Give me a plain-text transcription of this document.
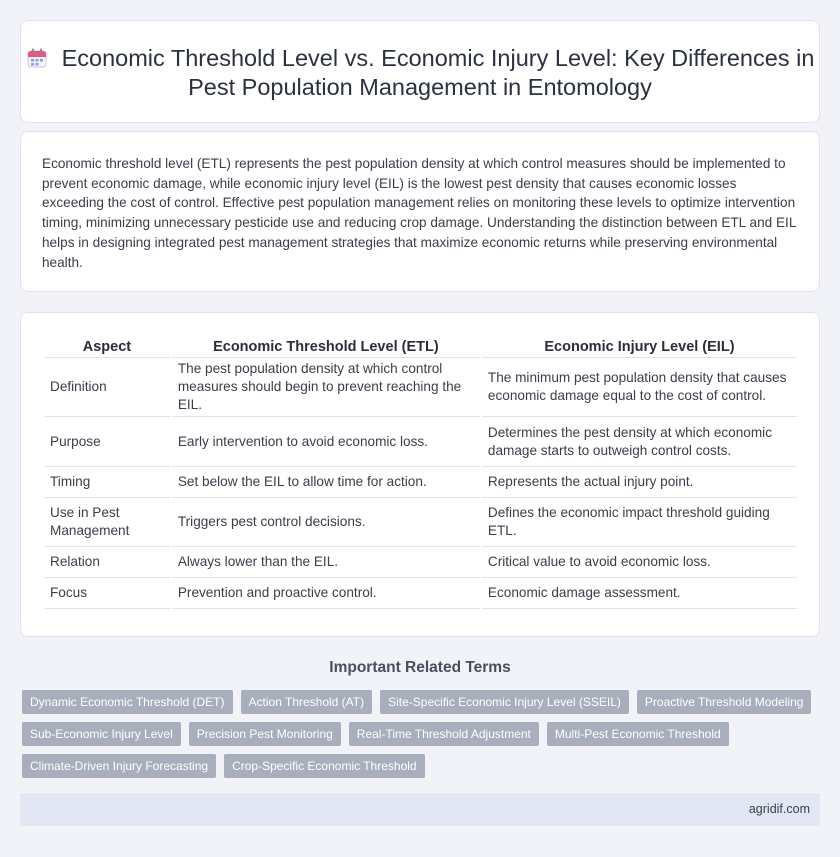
Economic Threshold Level vs. Economic Injury Level: Key Differences in Pest Population Management in Entomology

Economic threshold level (ETL) represents the pest population density at which control measures should be implemented to prevent economic damage, while economic injury level (EIL) is the lowest pest density that causes economic losses exceeding the cost of control. Effective pest population management relies on monitoring these levels to optimize intervention timing, minimizing unnecessary pesticide use and reducing crop damage. Understanding the distinction between ETL and EIL helps in designing integrated pest management strategies that maximize economic returns while preserving environmental health.

Aspect	Economic Threshold Level (ETL)	Economic Injury Level (EIL)
Definition	The pest population density at which control measures should begin to prevent reaching the EIL.	The minimum pest population density that causes economic damage equal to the cost of control.
Purpose	Early intervention to avoid economic loss.	Determines the pest density at which economic damage starts to outweigh control costs.
Timing	Set below the EIL to allow time for action.	Represents the actual injury point.
Use in Pest Management	Triggers pest control decisions.	Defines the economic impact threshold guiding ETL.
Relation	Always lower than the EIL.	Critical value to avoid economic loss.
Focus	Prevention and proactive control.	Economic damage assessment.
Important Related Terms
Dynamic Economic Threshold (DET)	Action Threshold (AT)	Site-Specific Economic Injury Level (SSEIL)	Proactive Threshold Modeling
Sub-Economic Injury Level	Precision Pest Monitoring	Real-Time Threshold Adjustment	Multi-Pest Economic Threshold
Climate-Driven Injury Forecasting	Crop-Specific Economic Threshold
agridif.com
